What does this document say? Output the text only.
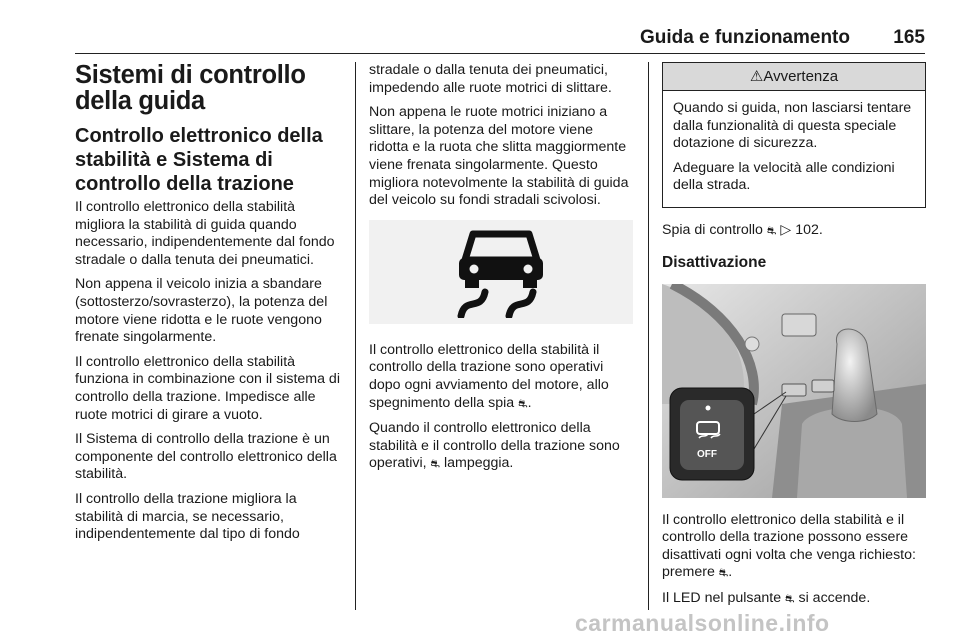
Guida e funzionamento	165
Sistemi di controllo della guida
Controllo elettronico della stabilità e Sistema di controllo della trazione

Il controllo elettronico della stabilità migliora la stabilità di guida quando necessario, indipendentemente dal fondo stradale o dalla tenuta dei pneumatici.

Non appena il veicolo inizia a sbandare (sottosterzo/sovrasterzo), la potenza del motore viene ridotta e le ruote vengono frenate singolarmente.

Il controllo elettronico della stabilità funziona in combinazione con il sistema di controllo della trazione. Impedisce alle ruote motrici di girare a vuoto.

Il Sistema di controllo della trazione è un componente del controllo elettronico della stabilità.

Il controllo della trazione migliora la stabilità di marcia, se necessario, indipendentemente dal tipo di fondo

stradale o dalla tenuta dei pneumatici, impedendo alle ruote motrici di slittare.

Non appena le ruote motrici iniziano a slittare, la potenza del motore viene ridotta e la ruota che slitta maggiormente viene frenata singolarmente. Questo migliora notevolmente la stabilità di guida del veicolo su fondi stradali scivolosi.

Il controllo elettronico della stabilità il controllo della trazione sono operativi dopo ogni avviamento del motore, allo spegnimento della spia ⛐.

Quando il controllo elettronico della stabilità e il controllo della trazione sono operativi, ⛐ lampeggia.

⚠Avvertenza

Quando si guida, non lasciarsi tentare dalla funzionalità di questa speciale dotazione di sicurezza.

Adeguare la velocità alle condizioni della strada.

Spia di controllo ⛐ ▷ 102.

Disattivazione
OFF

Il controllo elettronico della stabilità e il controllo della trazione possono essere disattivati ogni volta che venga richiesto: premere ⛐.

Il LED nel pulsante ⛐ si accende.

carmanualsonline.info
